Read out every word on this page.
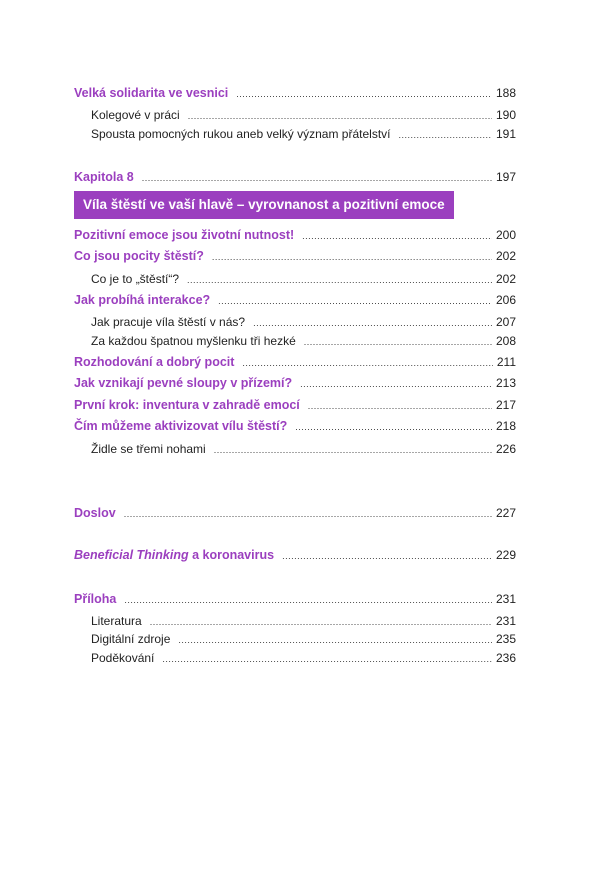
Velká solidarita ve vesnici .....	188
Kolegové v práci .....	190
Spousta pomocných rukou aneb velký význam přátelství .....	191
Kapitola 8 .....	197
Víla štěstí ve vaší hlavě – vyrovnanost a pozitivní emoce
Pozitivní emoce jsou životní nutnost! .....	200
Co jsou pocity štěstí? .....	202
Co je to „štěstí“? .....	202
Jak probíhá interakce? .....	206
Jak pracuje víla štěstí v nás? .....	207
Za každou špatnou myšlenku tři hezké .....	208
Rozhodování a dobrý pocit .....	211
Jak vznikají pevné sloupy v přízemí? .....	213
První krok: inventura v zahradě emocí .....	217
Čím můžeme aktivizovat vílu štěstí? .....	218
Židle se třemi nohami .....	226
Doslov .....	227
Beneficial Thinking a koronavirus .....	229
Příloha .....	231
Literatura .....	231
Digitální zdroje .....	235
Poděkování .....	236
